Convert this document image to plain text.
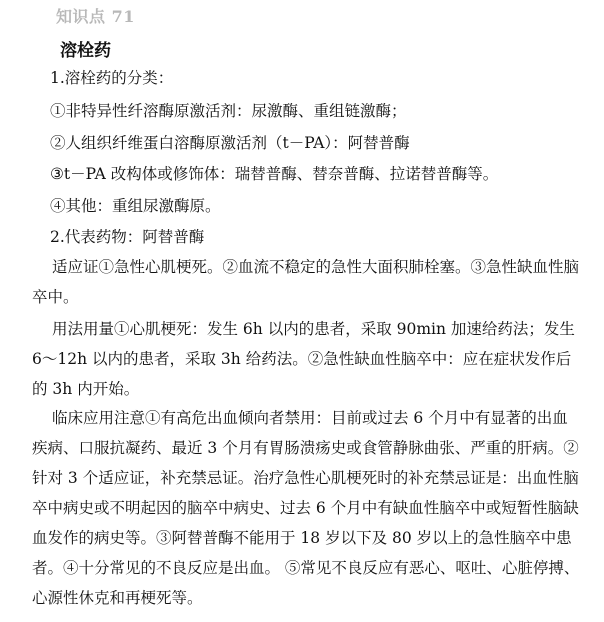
知识点 71
溶栓药
1.溶栓药的分类：
①非特异性纤溶酶原激活剂：尿激酶、重组链激酶；
②人组织纤维蛋白溶酶原激活剂（t－PA）：阿替普酶
③t－PA 改构体或修饰体：瑞替普酶、替奈普酶、拉诺替普酶等。
④其他：重组尿激酶原。
2.代表药物：阿替普酶
适应证①急性心肌梗死。②血流不稳定的急性大面积肺栓塞。③急性缺血性脑卒中。
用法用量①心肌梗死：发生 6h 以内的患者，采取 90min 加速给药法；发生 6～12h 以内的患者，采取 3h 给药法。②急性缺血性脑卒中：应在症状发作后的 3h 内开始。
临床应用注意①有高危出血倾向者禁用：目前或过去 6 个月中有显著的出血疾病、口服抗凝药、最近 3 个月有胃肠溃疡史或食管静脉曲张、严重的肝病。②针对 3 个适应证，补充禁忌证。治疗急性心肌梗死时的补充禁忌证是：出血性脑卒中病史或不明起因的脑卒中病史、过去 6 个月中有缺血性脑卒中或短暂性脑缺血发作的病史等。③阿替普酶不能用于 18 岁以下及 80 岁以上的急性脑卒中患者。④十分常见的不良反应是出血。 ⑤常见不良反应有恶心、呕吐、心脏停搏、心源性休克和再梗死等。
